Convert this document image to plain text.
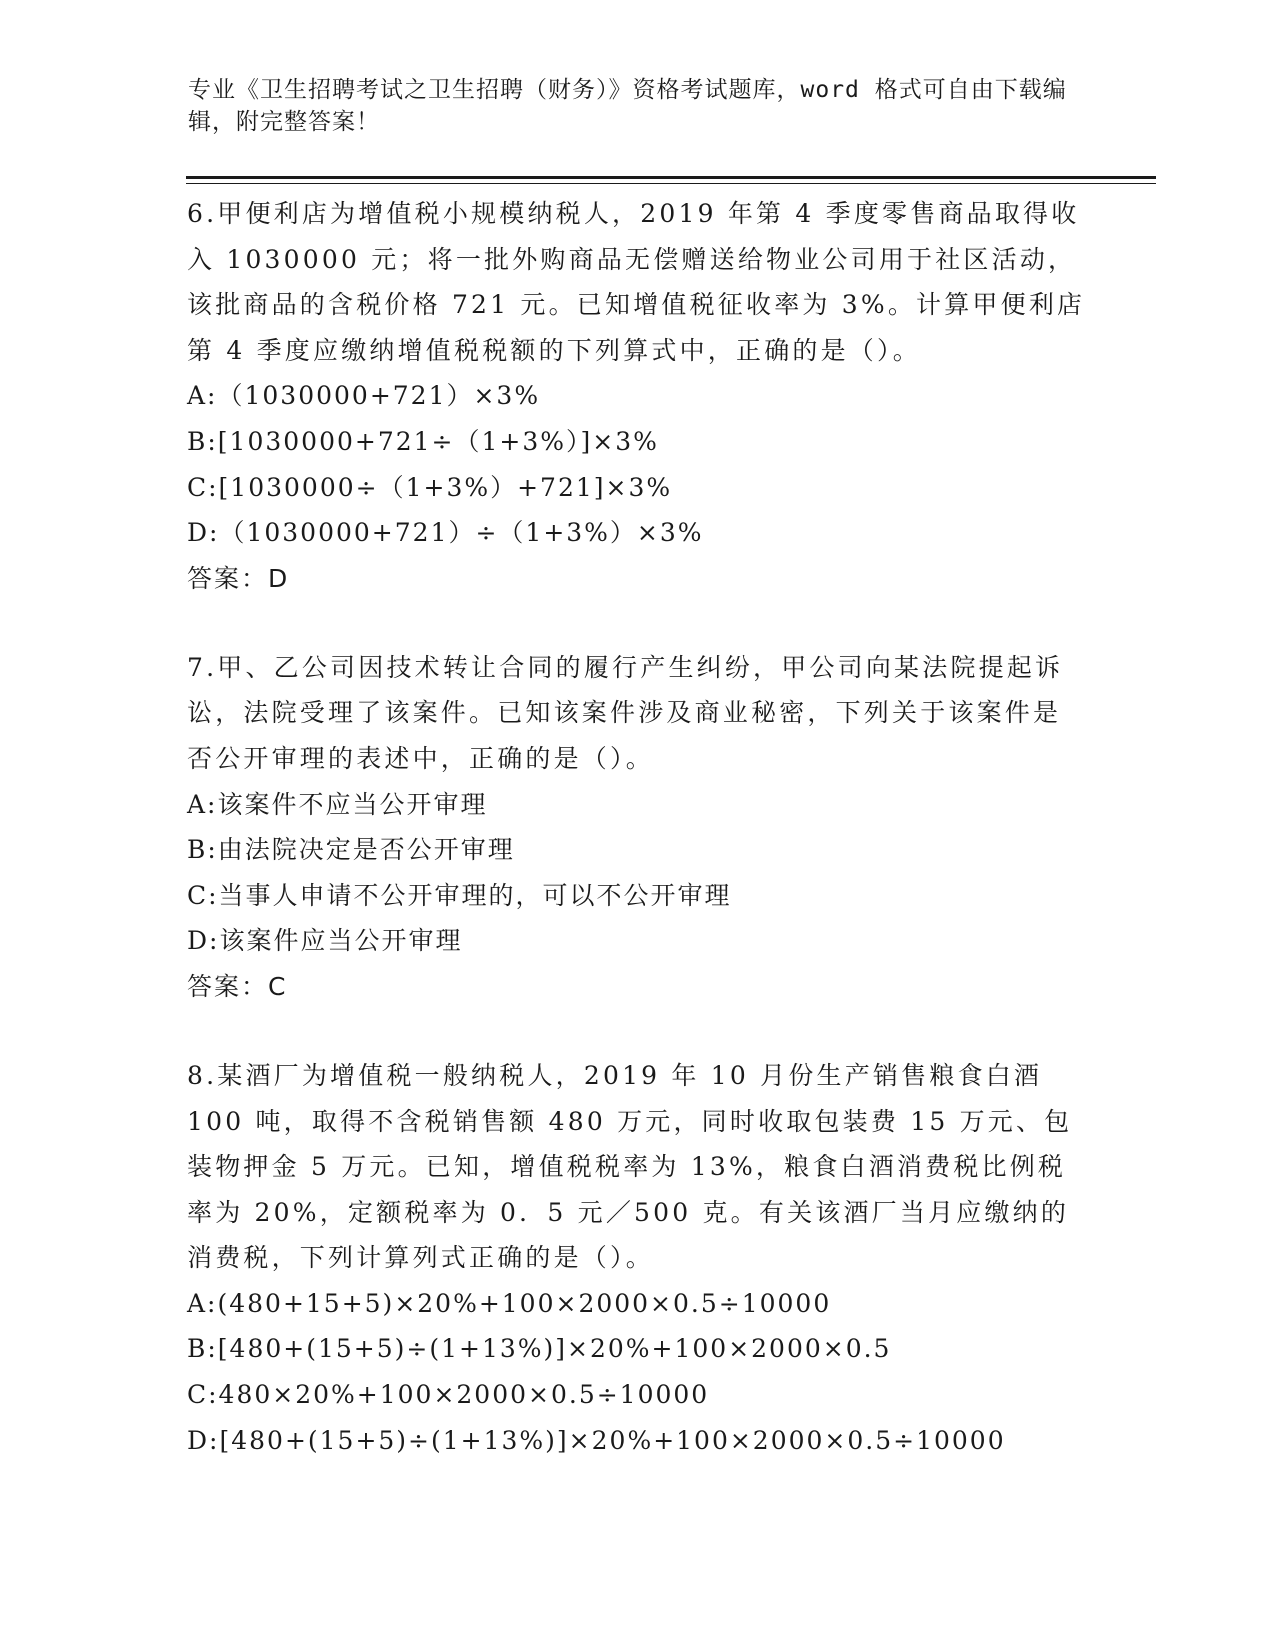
专业《卫生招聘考试之卫生招聘（财务）》资格考试题库，word 格式可自由下载编辑，附完整答案！

6.甲便利店为增值税小规模纳税人，2019 年第 4 季度零售商品取得收入 1030000 元；将一批外购商品无偿赠送给物业公司用于社区活动，该批商品的含税价格 721 元。已知增值税征收率为 3%。计算甲便利店第 4 季度应缴纳增值税税额的下列算式中，正确的是（）。

A:（1030000+721）×3%

B:[1030000+721÷（1+3%）]×3%

C:[1030000÷（1+3%）+721]×3%

D:（1030000+721）÷（1+3%）×3%

答案：D

7.甲、乙公司因技术转让合同的履行产生纠纷，甲公司向某法院提起诉讼，法院受理了该案件。已知该案件涉及商业秘密，下列关于该案件是否公开审理的表述中，正确的是（）。

A:该案件不应当公开审理

B:由法院决定是否公开审理

C:当事人申请不公开审理的，可以不公开审理

D:该案件应当公开审理

答案：C

8.某酒厂为增值税一般纳税人，2019 年 10 月份生产销售粮食白酒 100 吨，取得不含税销售额 480 万元，同时收取包装费 15 万元、包装物押金 5 万元。已知，增值税税率为 13%，粮食白酒消费税比例税率为 20%，定额税率为 0．5 元／500 克。有关该酒厂当月应缴纳的消费税，下列计算列式正确的是（）。

A:(480+15+5)×20%+100×2000×0.5÷10000

B:[480+(15+5)÷(1+13%)]×20%+100×2000×0.5

C:480×20%+100×2000×0.5÷10000

D:[480+(15+5)÷(1+13%)]×20%+100×2000×0.5÷10000
